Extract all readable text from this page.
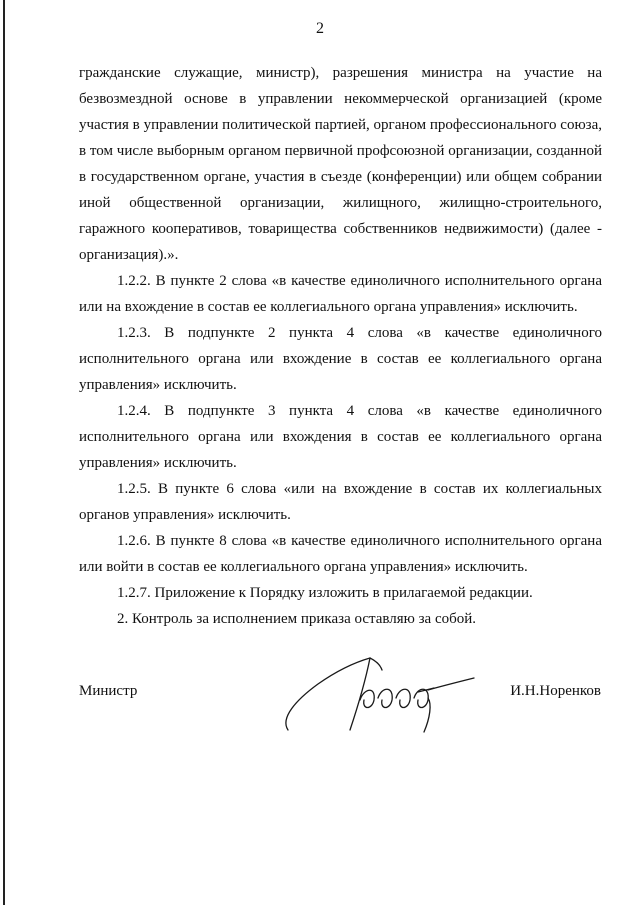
2

гражданские служащие, министр), разрешения министра на участие на безвозмездной основе в управлении некоммерческой организацией (кроме участия в управлении политической партией, органом профессионального союза, в том числе выборным органом первичной профсоюзной организации, созданной в государственном органе, участия в съезде (конференции) или общем собрании иной общественной организации, жилищного, жилищно-строительного, гаражного кооперативов, товарищества собственников недвижимости) (далее - организация).».

1.2.2. В пункте 2 слова «в качестве единоличного исполнительного органа или на вхождение в состав ее коллегиального органа управления» исключить.

1.2.3. В подпункте 2 пункта 4 слова «в качестве единоличного исполнительного органа или вхождение в состав ее коллегиального органа управления» исключить.

1.2.4. В подпункте 3 пункта 4 слова «в качестве единоличного исполнительного органа или вхождения в состав ее коллегиального органа управления» исключить.

1.2.5. В пункте 6 слова «или на вхождение в состав их коллегиальных органов управления» исключить.

1.2.6. В пункте 8 слова «в качестве единоличного исполнительного органа или войти в состав ее коллегиального органа управления» исключить.

1.2.7. Приложение к Порядку изложить в прилагаемой редакции.

2. Контроль за исполнением приказа оставляю за собой.

Министр	И.Н.Норенков
